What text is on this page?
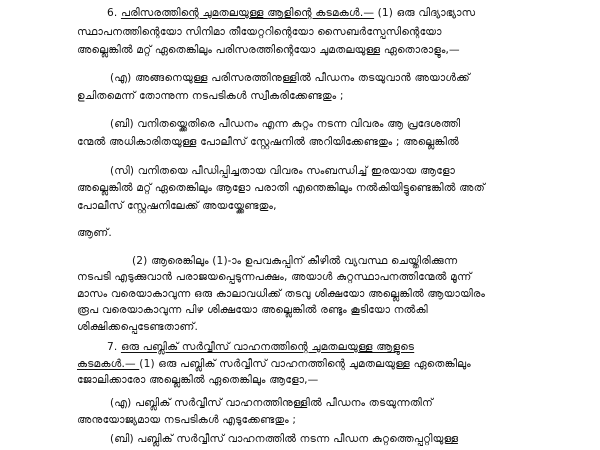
6. പരിസരത്തിന്റെ ചുമതലയുള്ള ആളിന്റെ കടമകൾ.— (1) ഒരു വിദ്യാഭ്യാസ
സ്ഥാപനത്തിന്റെയോ സിനിമാ തീയേറ്ററിന്റെയോ സൈബർസ്പേസിന്റെയോ
അല്ലെങ്കിൽ മറ്റ് ഏതെങ്കിലും പരിസരത്തിന്റെയോ ചുമതലയുള്ള ഏതൊരാളും,—
(എ) അങ്ങനെയുള്ള പരിസരത്തിനുള്ളിൽ പീഡനം തടയുവാൻ അയാൾക്ക്
ഉചിതമെന്ന് തോന്നുന്ന നടപടികൾ സ്വീകരിക്കേണ്ടതും ;
(ബി) വനിതയ്ക്കെതിരെ പീഡനം എന്ന കുറ്റം നടന്ന വിവരം ആ പ്രദേശത്തി
ന്മേൽ അധികാരിതയുള്ള പോലീസ് സ്റ്റേഷനിൽ അറിയിക്കേണ്ടതും ; അല്ലെങ്കിൽ
(സി) വനിതയെ പീഡിപ്പിച്ചതായ വിവരം സംബന്ധിച്ച് ഇരയായ ആളോ
അല്ലെങ്കിൽ മറ്റ് ഏതെങ്കിലും ആളോ പരാതി എന്തെങ്കിലും നൽകിയിട്ടുണ്ടെങ്കിൽ അത്
പോലീസ് സ്റ്റേഷനിലേക്ക് അയയ്ക്കേണ്ടതും,
ആണ്.
(2) ആരെങ്കിലും (1)-ാം ഉപവകുപ്പിന് കീഴിൽ വ്യവസ്ഥ ചെയ്തിരിക്കുന്ന
നടപടി എടുക്കുവാൻ പരാജയപ്പെടുന്നപക്ഷം, അയാൾ കുറ്റസ്ഥാപനത്തിന്മേൽ മൂന്ന്
മാസം വരെയാകാവുന്ന ഒരു കാലാവധിക്ക് തടവു ശിക്ഷയോ അല്ലെങ്കിൽ ആയായിരം
രൂപ വരെയാകാവുന്ന പിഴ ശിക്ഷയോ അല്ലെങ്കിൽ രണ്ടും കൂടിയോ നൽകി
ശിക്ഷിക്കപ്പെടേണ്ടതാണ്.
7. ഒരു പബ്ലിക് സർവ്വീസ് വാഹനത്തിന്റെ ചുമതലയുള്ള ആളുടെ
കടമകൾ.— (1) ഒരു പബ്ലിക് സർവ്വീസ് വാഹനത്തിന്റെ ചുമതലയുള്ള ഏതെങ്കിലും
ജോലിക്കാരോ അല്ലെങ്കിൽ ഏതെങ്കിലും ആളോ,—
(എ) പബ്ലിക് സർവ്വീസ് വാഹനത്തിനുള്ളിൽ പീഡനം തടയുന്നതിന്
അനുയോജ്യമായ നടപടികൾ എടുക്കേണ്ടതും ;
(ബി) പബ്ലിക് സർവ്വീസ് വാഹനത്തിൽ നടന്ന പീഡന കുറ്റത്തെപ്പറ്റിയുള്ള
